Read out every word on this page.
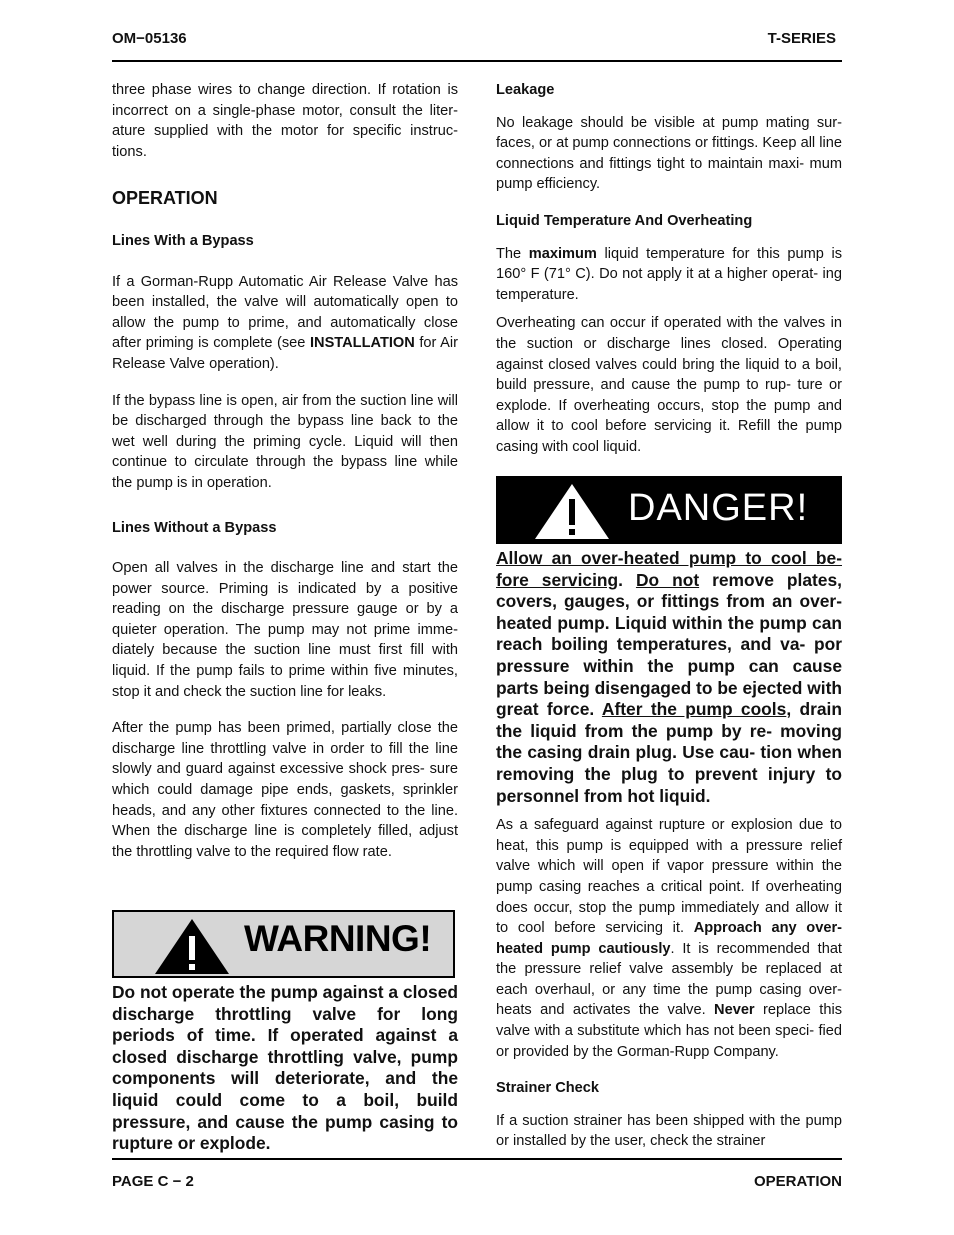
OM−05136	T-SERIES

three phase wires to change direction. If rotation is incorrect on a single-phase motor, consult the liter- ature supplied with the motor for specific instruc- tions.

OPERATION
Lines With a Bypass

If a Gorman-Rupp Automatic Air Release Valve has been installed, the valve will automatically open to allow the pump to prime, and automatically close after priming is complete (see INSTALLATION for Air Release Valve operation).

If the bypass line is open, air from the suction line will be discharged through the bypass line back to the wet well during the priming cycle. Liquid will then continue to circulate through the bypass line while the pump is in operation.

Lines Without a Bypass

Open all valves in the discharge line and start the power source. Priming is indicated by a positive reading on the discharge pressure gauge or by a quieter operation. The pump may not prime imme- diately because the suction line must first fill with liquid. If the pump fails to prime within five minutes, stop it and check the suction line for leaks.

After the pump has been primed, partially close the discharge line throttling valve in order to fill the line slowly and guard against excessive shock pres- sure which could damage pipe ends, gaskets, sprinkler heads, and any other fixtures connected to the line. When the discharge line is completely filled, adjust the throttling valve to the required flow rate.

WARNING!

Do not operate the pump against a closed discharge throttling valve for long periods of time. If operated against a closed discharge throttling valve, pump components will deteriorate, and the liquid could come to a boil, build pressure, and cause the pump casing to rupture or explode.

Leakage

No leakage should be visible at pump mating sur- faces, or at pump connections or fittings. Keep all line connections and fittings tight to maintain maxi- mum pump efficiency.

Liquid Temperature And Overheating

The maximum liquid temperature for this pump is 160° F (71° C). Do not apply it at a higher operat- ing temperature.

Overheating can occur if operated with the valves in the suction or discharge lines closed. Operating against closed valves could bring the liquid to a boil, build pressure, and cause the pump to rup- ture or explode. If overheating occurs, stop the pump and allow it to cool before servicing it. Refill the pump casing with cool liquid.

DANGER!

Allow an over-heated pump to cool be- fore servicing. Do not remove plates, covers, gauges, or fittings from an over- heated pump. Liquid within the pump can reach boiling temperatures, and va- por pressure within the pump can cause parts being disengaged to be ejected with great force. After the pump cools, drain the liquid from the pump by re- moving the casing drain plug. Use cau- tion when removing the plug to prevent injury to personnel from hot liquid.

As a safeguard against rupture or explosion due to heat, this pump is equipped with a pressure relief valve which will open if vapor pressure within the pump casing reaches a critical point. If overheating does occur, stop the pump immediately and allow it to cool before servicing it. Approach any over- heated pump cautiously. It is recommended that the pressure relief valve assembly be replaced at each overhaul, or any time the pump casing over- heats and activates the valve. Never replace this valve with a substitute which has not been speci- fied or provided by the Gorman-Rupp Company.

Strainer Check

If a suction strainer has been shipped with the pump or installed by the user, check the strainer

PAGE C − 2	OPERATION
